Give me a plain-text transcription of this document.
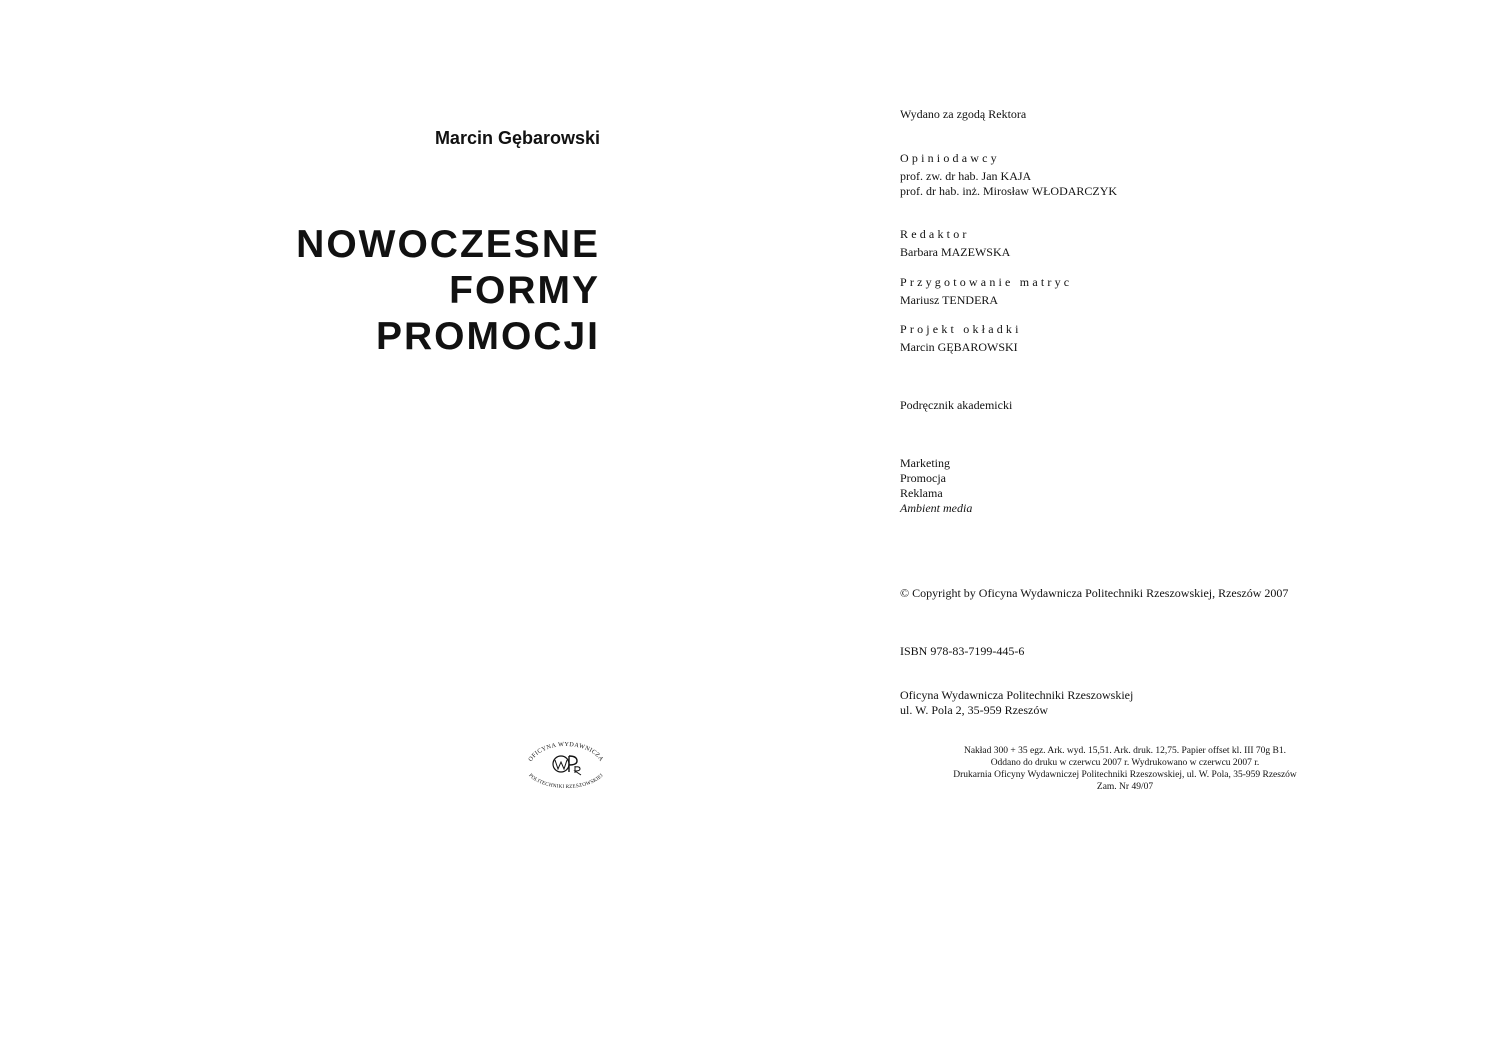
Marcin Gębarowski

NOWOCZESNE
FORMY
PROMOCJI
OFICYNA WYDAWNICZA
POLITECHNIKI RZESZOWSKIEJ

Wydano za zgodą Rektora

Opiniodawcy
prof. zw. dr hab. Jan KAJA
prof. dr hab. inż. Mirosław WŁODARCZYK
Redaktor
Barbara MAZEWSKA
Przygotowanie matryc
Mariusz TENDERA
Projekt okładki
Marcin GĘBAROWSKI

Podręcznik akademicki

Marketing
Promocja
Reklama
Ambient media

© Copyright by Oficyna Wydawnicza Politechniki Rzeszowskiej, Rzeszów 2007

ISBN 978-83-7199-445-6

Oficyna Wydawnicza Politechniki Rzeszowskiej
ul. W. Pola 2, 35-959 Rzeszów

Nakład 300 + 35 egz. Ark. wyd. 15,51. Ark. druk. 12,75. Papier offset kl. III 70g B1.
Oddano do druku w czerwcu 2007 r. Wydrukowano w czerwcu 2007 r.
Drukarnia Oficyny Wydawniczej Politechniki Rzeszowskiej, ul. W. Pola, 35-959 Rzeszów
Zam. Nr 49/07
